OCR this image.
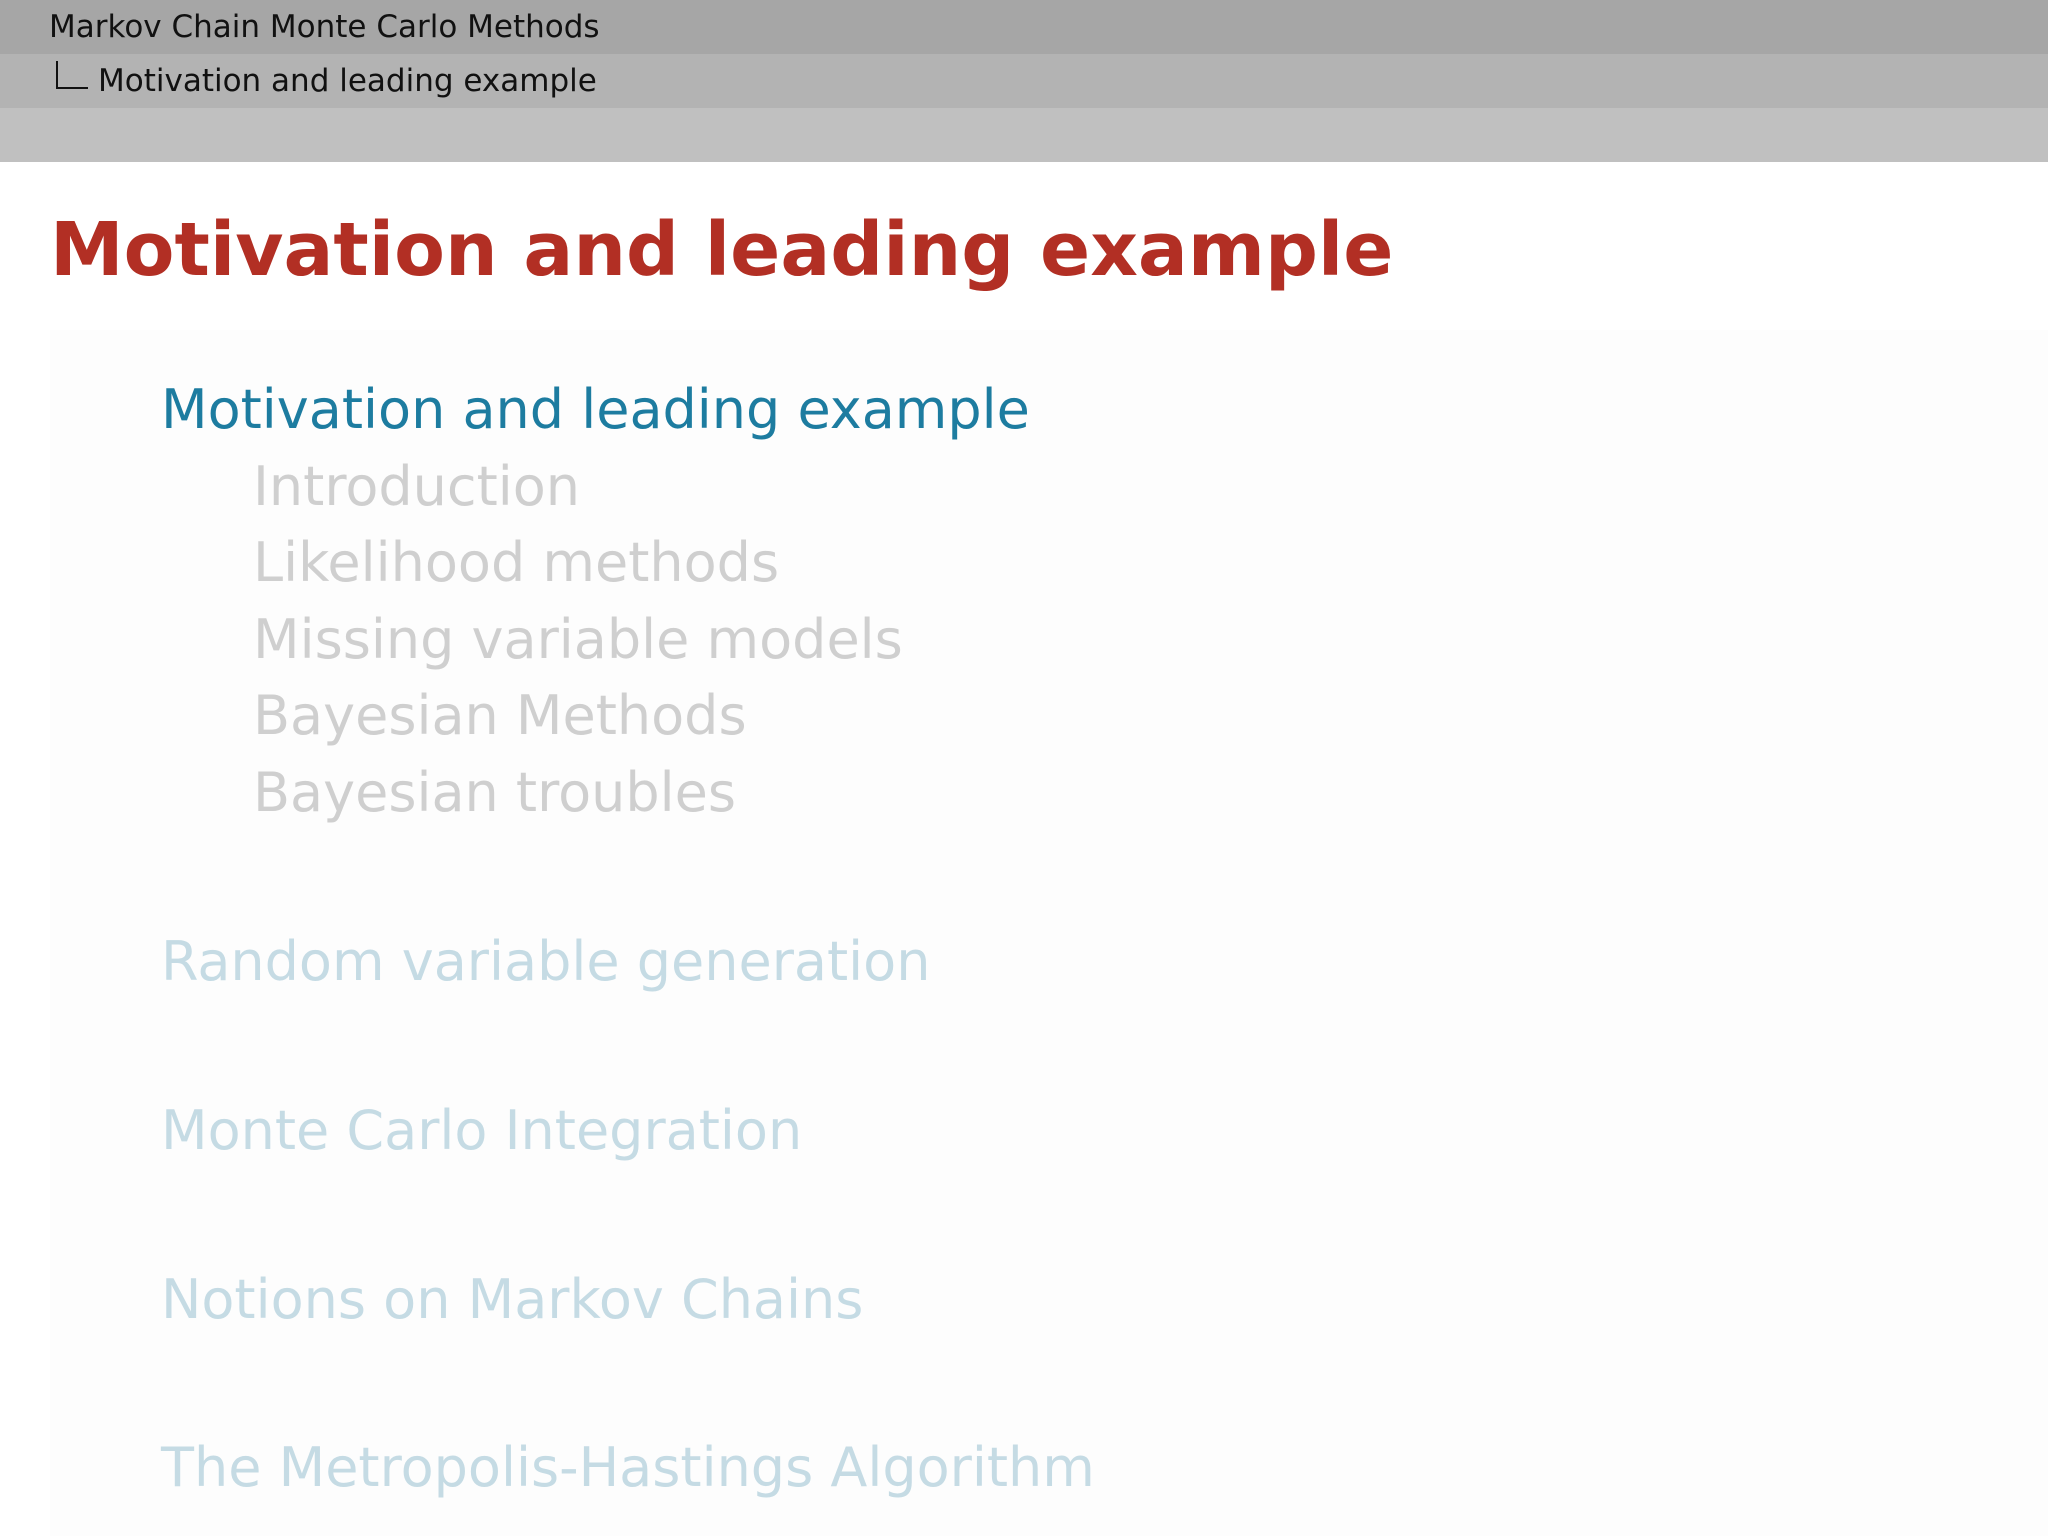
Markov Chain Monte Carlo Methods
Motivation and leading example
Motivation and leading example
Motivation and leading example
Introduction
Likelihood methods
Missing variable models
Bayesian Methods
Bayesian troubles
Random variable generation
Monte Carlo Integration
Notions on Markov Chains
The Metropolis-Hastings Algorithm
